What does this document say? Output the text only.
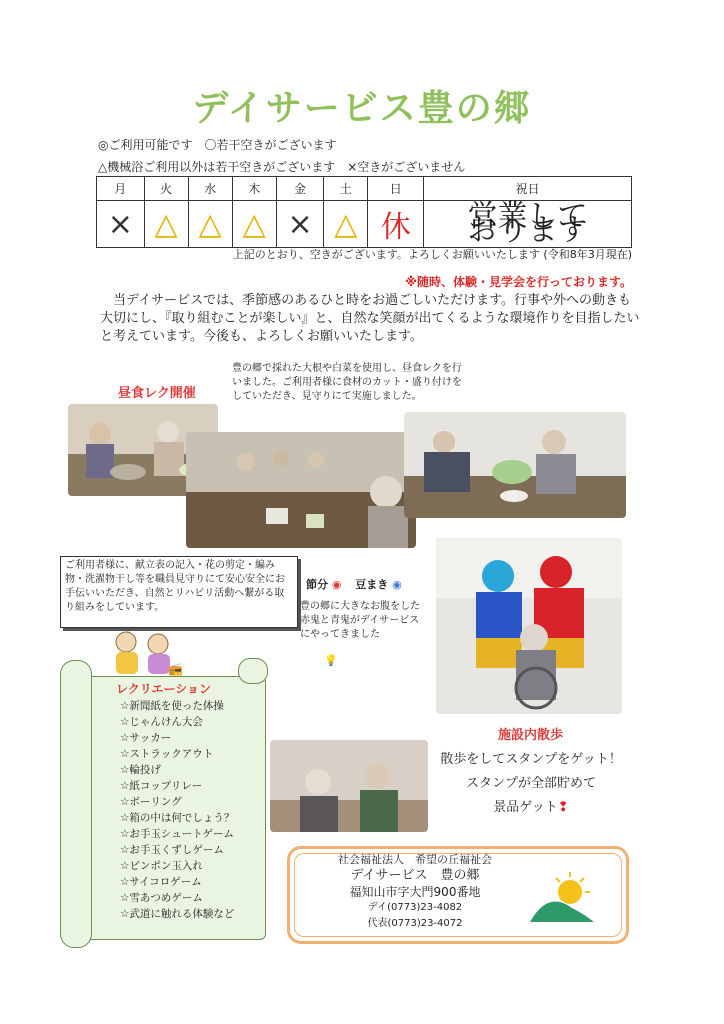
デイサービス豊の郷
◎ご利用可能です　〇若干空きがございます
△機械浴ご利用以外は若干空きがございます　×空きがございません
月	火	水	木	金	土	日	祝日
×	△	△	△	×	△	休	営業して
おります
上記のとおり、空きがございます。よろしくお願いいたします (令和8年3月現在)
※随時、体験・見学会を行っております。
当デイサービスでは、季節感のあるひと時をお過ごしいただけます。行事や外への動きも大切にし、『取り組むことが楽しい』と、自然な笑顔が出てくるような環境作りを目指したいと考えています。今後も、よろしくお願いいたします。
昼食レク開催
豊の郷で採れた大根や白菜を使用し、昼食レクを行いました。ご利用者様に食材のカット・盛り付けをしていただき、見守りにて実施しました。
ご利用者様に、献立表の記入・花の剪定・編み物・洗濯物干し等を職員見守りにて安心安全にお手伝いいただき、自然とリハビリ活動へ繋がる取り組みをしています。
📻
レクリエーション
☆新聞紙を使った体操
☆じゃんけん大会
☆サッカー
☆ストラックアウト
☆輪投げ
☆紙コップリレー
☆ボーリング
☆箱の中は何でしょう？
☆お手玉シュートゲーム
☆お手玉くずしゲーム
☆ピンポン玉入れ
☆サイコロゲーム
☆雪あつめゲーム
☆武道に触れる体験など
節分 ◉ 豆まき ◉
豊の郷に大きなお腹をした赤鬼と青鬼がデイサービスにやってきました
💡
施設内散歩
散歩をしてスタンプをゲット！
スタンプが全部貯めて
景品ゲット❢
社会福祉法人　希望の丘福祉会
デイサービス　豊の郷
福知山市字大門900番地
デイ(0773)23-4082
代表(0773)23-4072
